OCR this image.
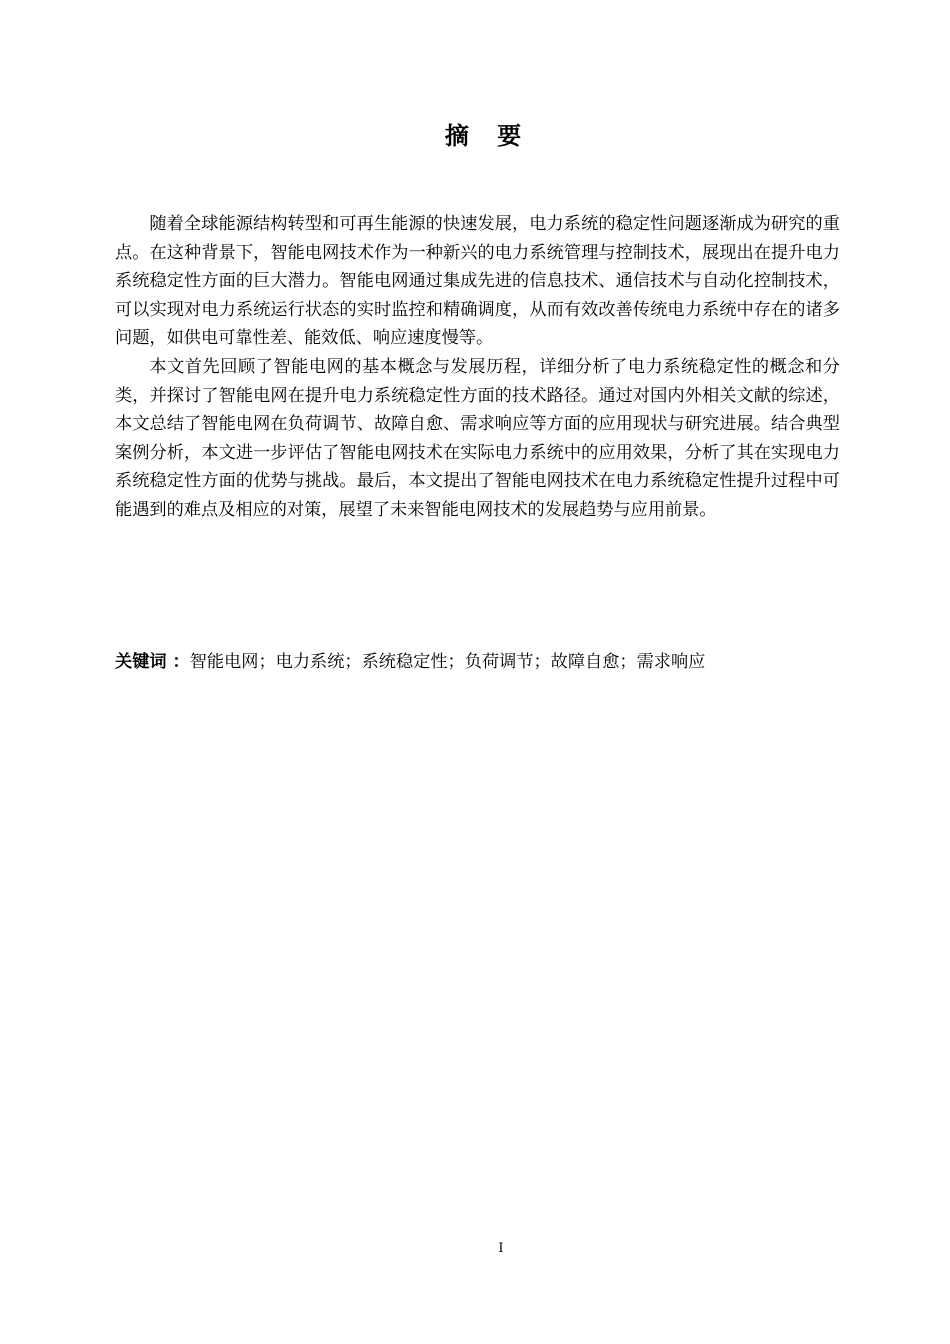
摘 要

随着全球能源结构转型和可再生能源的快速发展，电力系统的稳定性问题逐渐成为研究的重点。在这种背景下，智能电网技术作为一种新兴的电力系统管理与控制技术，展现出在提升电力系统稳定性方面的巨大潜力。智能电网通过集成先进的信息技术、通信技术与自动化控制技术，可以实现对电力系统运行状态的实时监控和精确调度，从而有效改善传统电力系统中存在的诸多问题，如供电可靠性差、能效低、响应速度慢等。

本文首先回顾了智能电网的基本概念与发展历程，详细分析了电力系统稳定性的概念和分类，并探讨了智能电网在提升电力系统稳定性方面的技术路径。通过对国内外相关文献的综述，本文总结了智能电网在负荷调节、故障自愈、需求响应等方面的应用现状与研究进展。结合典型案例分析，本文进一步评估了智能电网技术在实际电力系统中的应用效果，分析了其在实现电力系统稳定性方面的优势与挑战。最后，本文提出了智能电网技术在电力系统稳定性提升过程中可能遇到的难点及相应的对策，展望了未来智能电网技术的发展趋势与应用前景。

关键词 ：智能电网；电力系统；系统稳定性；负荷调节；故障自愈；需求响应
I
